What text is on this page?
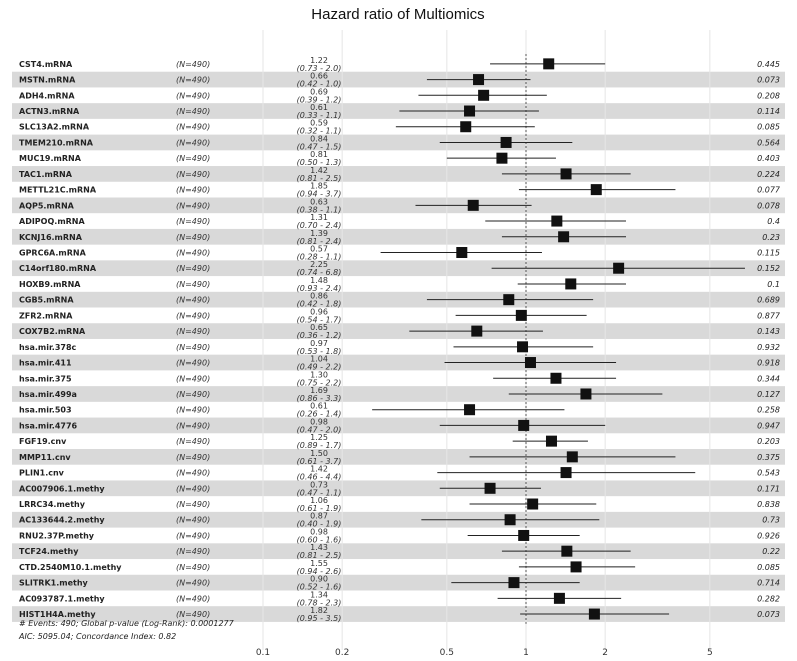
Hazard ratio of Multiomics
CST4.mRNA	(N=490)	1.22
(0.73 - 2.0)	0.445
MSTN.mRNA	(N=490)	0.66
(0.42 - 1.0)	0.073
ADH4.mRNA	(N=490)	0.69
(0.39 - 1.2)	0.208
ACTN3.mRNA	(N=490)	0.61
(0.33 - 1.1)	0.114
SLC13A2.mRNA	(N=490)	0.59
(0.32 - 1.1)	0.085
TMEM210.mRNA	(N=490)	0.84
(0.47 - 1.5)	0.564
MUC19.mRNA	(N=490)	0.81
(0.50 - 1.3)	0.403
TAC1.mRNA	(N=490)	1.42
(0.81 - 2.5)	0.224
METTL21C.mRNA	(N=490)	1.85
(0.94 - 3.7)	0.077
AQP5.mRNA	(N=490)	0.63
(0.38 - 1.1)	0.078
ADIPOQ.mRNA	(N=490)	1.31
(0.70 - 2.4)	0.4
KCNJ16.mRNA	(N=490)	1.39
(0.81 - 2.4)	0.23
GPRC6A.mRNA	(N=490)	0.57
(0.28 - 1.1)	0.115
C14orf180.mRNA	(N=490)	2.25
(0.74 - 6.8)	0.152
HOXB9.mRNA	(N=490)	1.48
(0.93 - 2.4)	0.1
CGB5.mRNA	(N=490)	0.86
(0.42 - 1.8)	0.689
ZFR2.mRNA	(N=490)	0.96
(0.54 - 1.7)	0.877
COX7B2.mRNA	(N=490)	0.65
(0.36 - 1.2)	0.143
hsa.mir.378c	(N=490)	0.97
(0.53 - 1.8)	0.932
hsa.mir.411	(N=490)	1.04
(0.49 - 2.2)	0.918
hsa.mir.375	(N=490)	1.30
(0.75 - 2.2)	0.344
hsa.mir.499a	(N=490)	1.69
(0.86 - 3.3)	0.127
hsa.mir.503	(N=490)	0.61
(0.26 - 1.4)	0.258
hsa.mir.4776	(N=490)	0.98
(0.47 - 2.0)	0.947
FGF19.cnv	(N=490)	1.25
(0.89 - 1.7)	0.203
MMP11.cnv	(N=490)	1.50
(0.61 - 3.7)	0.375
PLIN1.cnv	(N=490)	1.42
(0.46 - 4.4)	0.543
AC007906.1.methy	(N=490)	0.73
(0.47 - 1.1)	0.171
LRRC34.methy	(N=490)	1.06
(0.61 - 1.9)	0.838
AC133644.2.methy	(N=490)	0.87
(0.40 - 1.9)	0.73
RNU2.37P.methy	(N=490)	0.98
(0.60 - 1.6)	0.926
TCF24.methy	(N=490)	1.43
(0.81 - 2.5)	0.22
CTD.2540M10.1.methy	(N=490)	1.55
(0.94 - 2.6)	0.085
SLITRK1.methy	(N=490)	0.90
(0.52 - 1.6)	0.714
AC093787.1.methy	(N=490)	1.34
(0.78 - 2.3)	0.282
HIST1H4A.methy	(N=490)	1.82
(0.95 - 3.5)	0.073
0.1	0.2	0.5	1	2	5
# Events: 490; Global p-value (Log-Rank): 0.0001277
AIC: 5095.04; Concordance Index: 0.82
